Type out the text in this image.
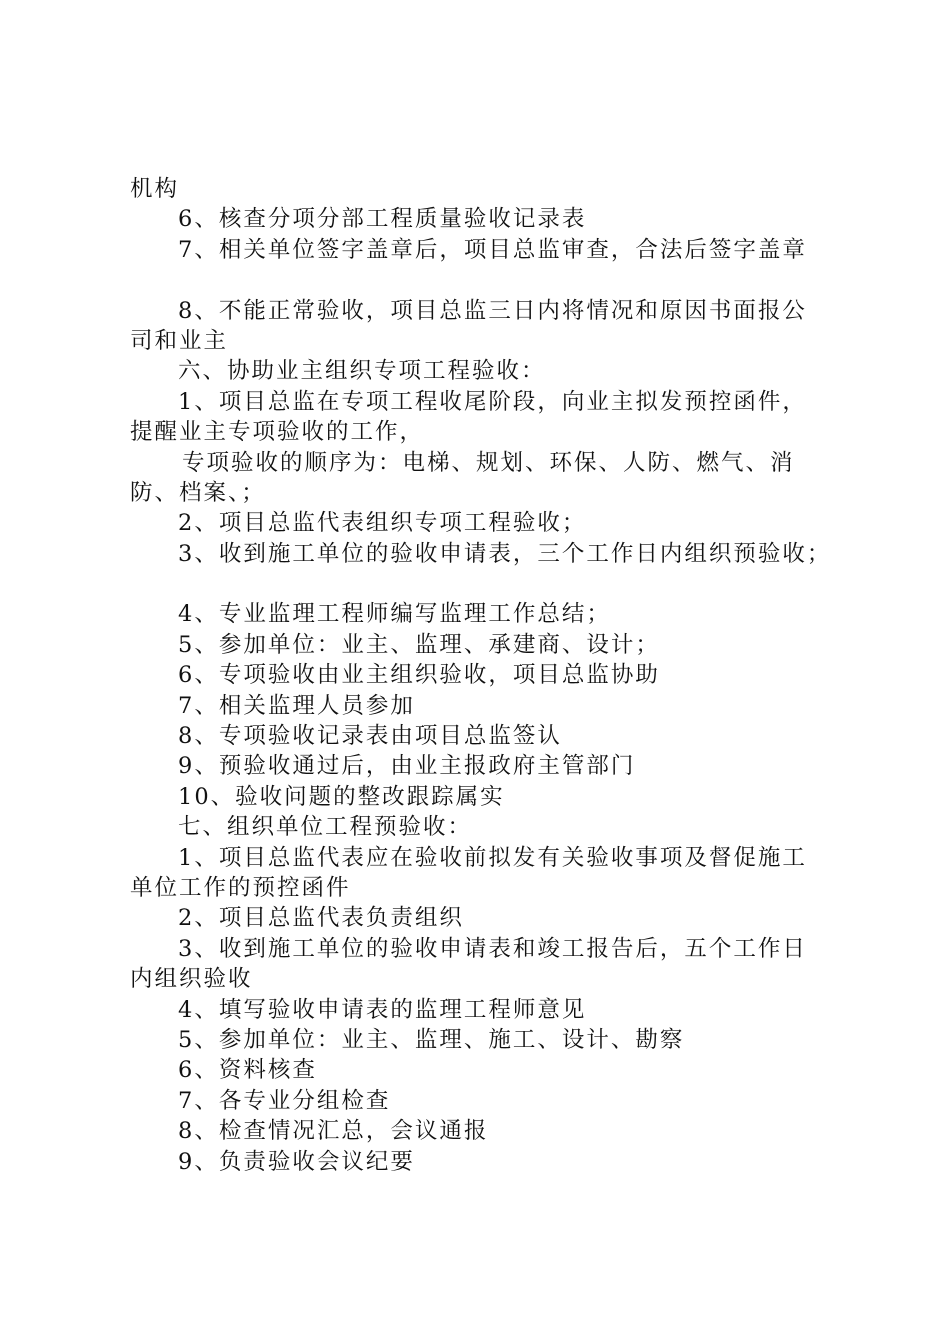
机构
6、核查分项分部工程质量验收记录表
7、相关单位签字盖章后，项目总监审查，合法后签字盖章
8、不能正常验收，项目总监三日内将情况和原因书面报公
司和业主
六、协助业主组织专项工程验收：
1、项目总监在专项工程收尾阶段，向业主拟发预控函件，
提醒业主专项验收的工作，
专项验收的顺序为：电梯、规划、环保、人防、燃气、消
防、档案、；
2、项目总监代表组织专项工程验收；
3、收到施工单位的验收申请表，三个工作日内组织预验收；
4、专业监理工程师编写监理工作总结；
5、参加单位：业主、监理、承建商、设计；
6、专项验收由业主组织验收，项目总监协助
7、相关监理人员参加
8、专项验收记录表由项目总监签认
9、预验收通过后，由业主报政府主管部门
10、验收问题的整改跟踪属实
七、组织单位工程预验收：
1、项目总监代表应在验收前拟发有关验收事项及督促施工
单位工作的预控函件
2、项目总监代表负责组织
3、收到施工单位的验收申请表和竣工报告后，五个工作日
内组织验收
4、填写验收申请表的监理工程师意见
5、参加单位：业主、监理、施工、设计、勘察
6、资料核查
7、各专业分组检查
8、检查情况汇总，会议通报
9、负责验收会议纪要
